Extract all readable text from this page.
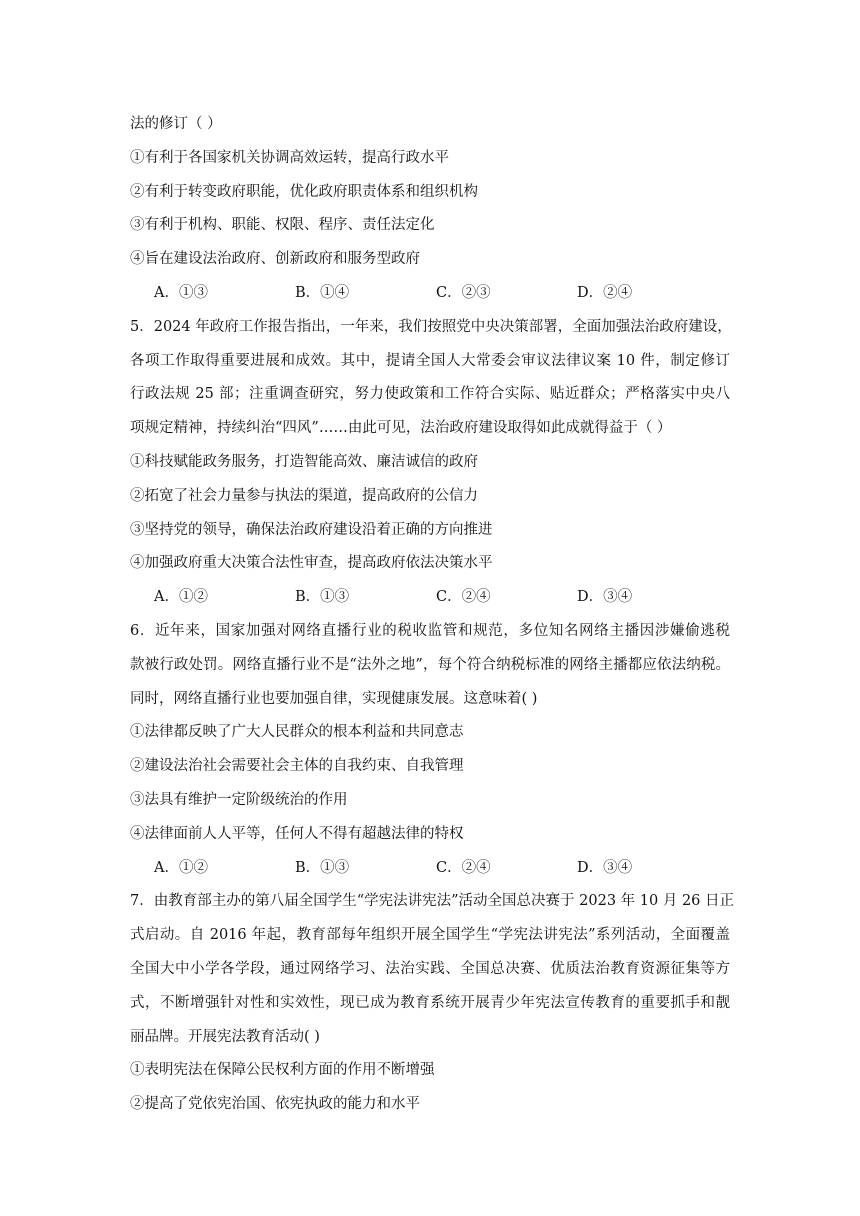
法的修订（ ）
①有利于各国家机关协调高效运转，提高行政水平
②有利于转变政府职能，优化政府职责体系和组织机构
③有利于机构、职能、权限、程序、责任法定化
④旨在建设法治政府、创新政府和服务型政府
A．①③	B．①④	C．②③	D．②④
5．2024 年政府工作报告指出，一年来，我们按照党中央决策部署，全面加强法治政府建设，
各项工作取得重要进展和成效。其中，提请全国人大常委会审议法律议案 10 件，制定修订
行政法规 25 部；注重调查研究，努力使政策和工作符合实际、贴近群众；严格落实中央八
项规定精神，持续纠治“四风”……由此可见，法治政府建设取得如此成就得益于（ ）
①科技赋能政务服务，打造智能高效、廉洁诚信的政府
②拓宽了社会力量参与执法的渠道，提高政府的公信力
③坚持党的领导，确保法治政府建设沿着正确的方向推进
④加强政府重大决策合法性审查，提高政府依法决策水平
A．①②	B．①③	C．②④	D．③④
6．近年来，国家加强对网络直播行业的税收监管和规范，多位知名网络主播因涉嫌偷逃税
款被行政处罚。网络直播行业不是“法外之地”，每个符合纳税标准的网络主播都应依法纳税。
同时，网络直播行业也要加强自律，实现健康发展。这意味着( )
①法律都反映了广大人民群众的根本利益和共同意志
②建设法治社会需要社会主体的自我约束、自我管理
③法具有维护一定阶级统治的作用
④法律面前人人平等，任何人不得有超越法律的特权
A．①②	B．①③	C．②④	D．③④
7．由教育部主办的第八届全国学生“学宪法讲宪法”活动全国总决赛于 2023 年 10 月 26 日正
式启动。自 2016 年起，教育部每年组织开展全国学生“学宪法讲宪法”系列活动，全面覆盖
全国大中小学各学段，通过网络学习、法治实践、全国总决赛、优质法治教育资源征集等方
式，不断增强针对性和实效性，现已成为教育系统开展青少年宪法宣传教育的重要抓手和靓
丽品牌。开展宪法教育活动( )
①表明宪法在保障公民权利方面的作用不断增强
②提高了党依宪治国、依宪执政的能力和水平
